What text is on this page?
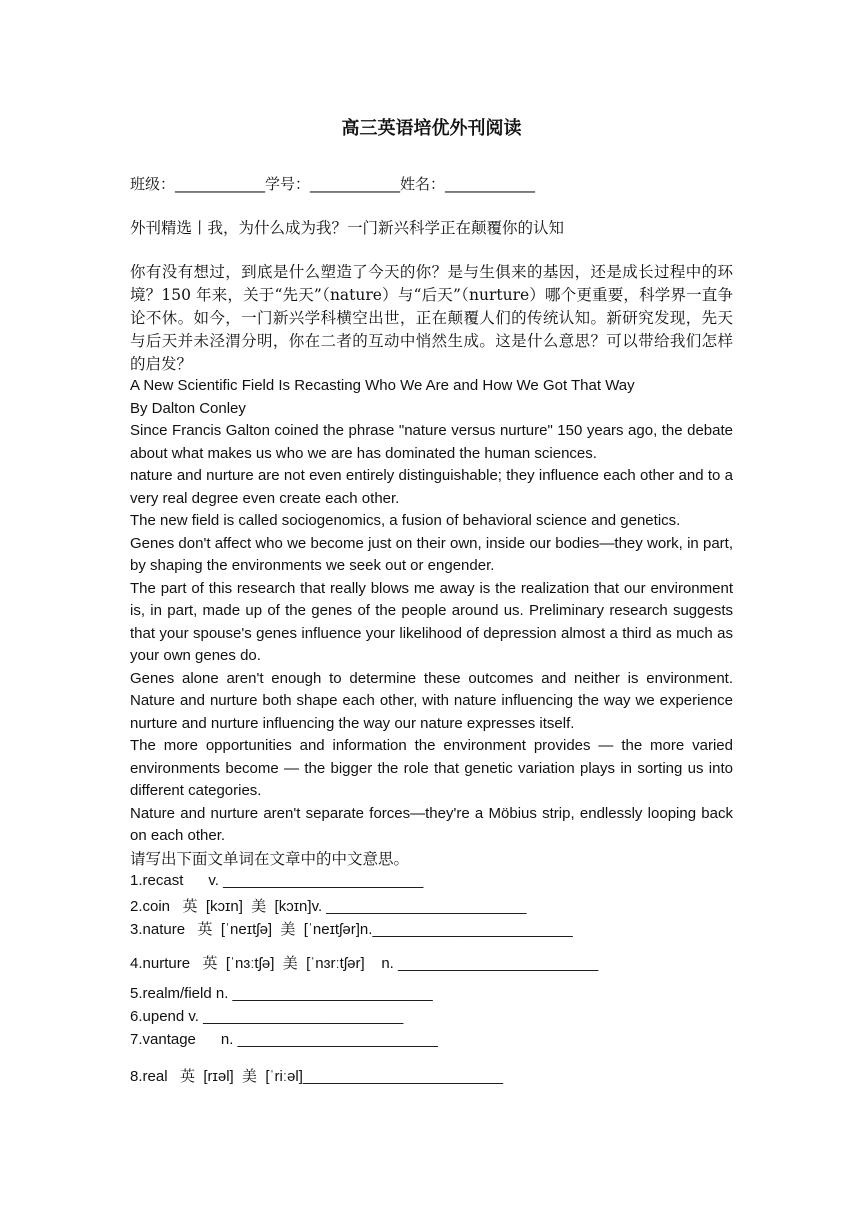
高三英语培优外刊阅读
班级：____________学号：____________姓名：____________
外刊精选丨我，为什么成为我？一门新兴科学正在颠覆你的认知
你有没有想过，到底是什么塑造了今天的你？是与生俱来的基因，还是成长过程中的环境？150 年来，关于“先天”（nature）与“后天”（nurture）哪个更重要，科学界一直争论不休。如今，一门新兴学科横空出世，正在颠覆人们的传统认知。新研究发现，先天与后天并未泾渭分明，你在二者的互动中悄然生成。这是什么意思？可以带给我们怎样的启发？

A New Scientific Field Is Recasting Who We Are and How We Got That Way

By Dalton Conley

Since Francis Galton coined the phrase "nature versus nurture" 150 years ago, the debate about what makes us who we are has dominated the human sciences.

nature and nurture are not even entirely distinguishable; they influence each other and to a very real degree even create each other.

The new field is called sociogenomics, a fusion of behavioral science and genetics.

Genes don't affect who we become just on their own, inside our bodies—they work, in part, by shaping the environments we seek out or engender.

The part of this research that really blows me away is the realization that our environment is, in part, made up of the genes of the people around us. Preliminary research suggests that your spouse's genes influence your likelihood of depression almost a third as much as your own genes do.

Genes alone aren't enough to determine these outcomes and neither is environment. Nature and nurture both shape each other, with nature influencing the way we experience nurture and nurture influencing the way our nature expresses itself.

The more opportunities and information the environment provides — the more varied environments become — the bigger the role that genetic variation plays in sorting us into different categories.

Nature and nurture aren't separate forces—they're a Möbius strip, endlessly looping back on each other.

请写出下面文单词在文章中的中文意思。

1.recast      v. ________________________
2.coin   英  [kɔɪn]  美  [kɔɪn]v. ________________________
3.nature   英  [ˈneɪtʃə]  美  [ˈneɪtʃər]n.________________________
4.nurture   英  [ˈnɜːtʃə]  美  [ˈnɜrːtʃər]    n. ________________________
5.realm/field n. ________________________
6.upend v. ________________________
7.vantage      n. ________________________
8.real   英  [rɪəl]  美  [ˈriːəl]________________________
